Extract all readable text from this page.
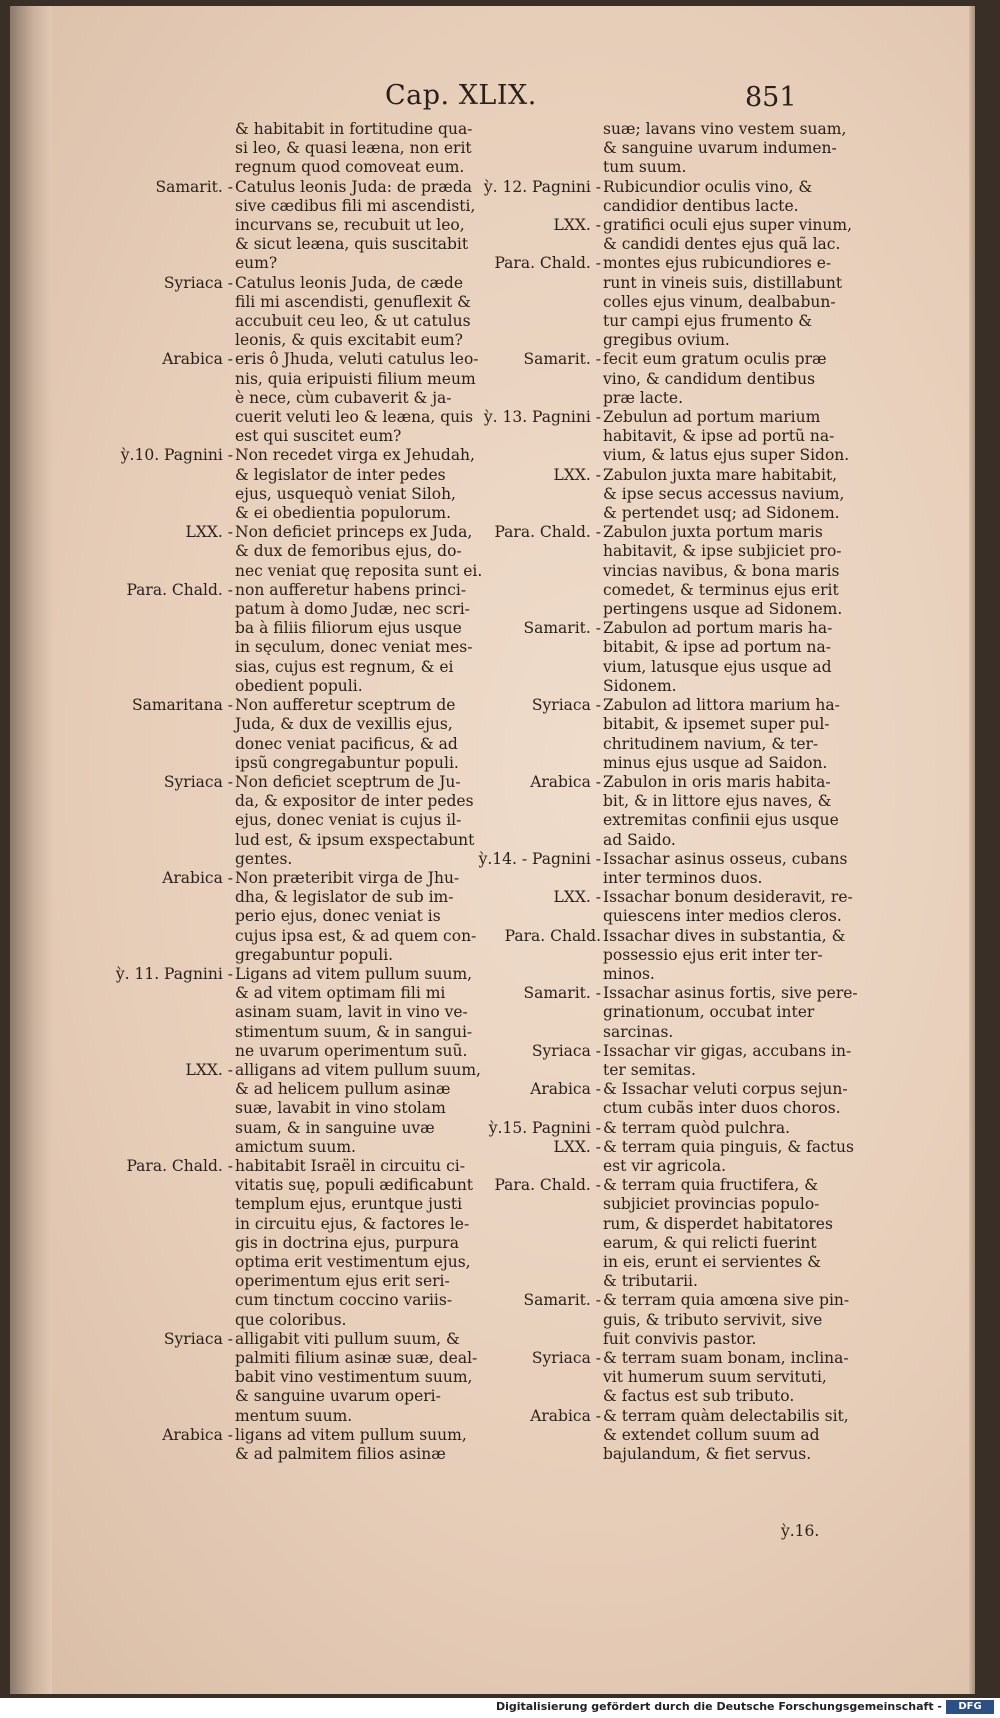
Cap. XLIX.	851
& habitabit in fortitudine qua-
si leo, & quasi leæna, non erit
regnum quod comoveat eum.
Samarit. - Catulus leonis Juda: de præda
sive cædibus fili mi ascendisti,
incurvans se, recubuit ut leo,
& sicut leæna, quis suscitabit
eum?
Syriaca - Catulus leonis Juda, de cæde
fili mi ascendisti, genuflexit &
accubuit ceu leo, & ut catulus
leonis, & quis excitabit eum?
Arabica - eris ô Jhuda, veluti catulus leo-
nis, quia eripuisti filium meum
è nece, cùm cubaverit & ja-
cuerit veluti leo & leæna, quis
est qui suscitet eum?
ỳ.10. Pagnini - Non recedet virga ex Jehudah,
& legislator de inter pedes
ejus, usquequò veniat Siloh,
& ei obedientia populorum.
LXX. - Non deficiet princeps ex Juda,
& dux de femoribus ejus, do-
nec veniat quę reposita sunt ei.
Para. Chald. - non aufferetur habens princi-
patum à domo Judæ, nec scri-
ba à filiis filiorum ejus usque
in sęculum, donec veniat mes-
sias, cujus est regnum, & ei
obedient populi.
Samaritana - Non aufferetur sceptrum de
Juda, & dux de vexillis ejus,
donec veniat pacificus, & ad
ipsũ congregabuntur populi.
Syriaca - Non deficiet sceptrum de Ju-
da, & expositor de inter pedes
ejus, donec veniat is cujus il-
lud est, & ipsum exspectabunt
gentes.
Arabica - Non præteribit virga de Jhu-
dha, & legislator de sub im-
perio ejus, donec veniat is
cujus ipsa est, & ad quem con-
gregabuntur populi.
ỳ. 11. Pagnini - Ligans ad vitem pullum suum,
& ad vitem optimam fili mi
asinam suam, lavit in vino ve-
stimentum suum, & in sangui-
ne uvarum operimentum suũ.
LXX. - alligans ad vitem pullum suum,
& ad helicem pullum asinæ
suæ, lavabit in vino stolam
suam, & in sanguine uvæ
amictum suum.
Para. Chald. - habitabit Israël in circuitu ci-
vitatis suę, populi ædificabunt
templum ejus, eruntque justi
in circuitu ejus, & factores le-
gis in doctrina ejus, purpura
optima erit vestimentum ejus,
operimentum ejus erit seri-
cum tinctum coccino variis-
que coloribus.
Syriaca - alligabit viti pullum suum, &
palmiti filium asinæ suæ, deal-
babit vino vestimentum suum,
& sanguine uvarum operi-
mentum suum.
Arabica - ligans ad vitem pullum suum,
& ad palmitem filios asinæ
suæ; lavans vino vestem suam,
& sanguine uvarum indumen-
tum suum.
ỳ. 12. Pagnini - Rubicundior oculis vino, &
candidior dentibus lacte.
LXX. - gratifici oculi ejus super vinum,
& candidi dentes ejus quã lac.
Para. Chald. - montes ejus rubicundiores e-
runt in vineis suis, distillabunt
colles ejus vinum, dealbabun-
tur campi ejus frumento &
gregibus ovium.
Samarit. - fecit eum gratum oculis præ
vino, & candidum dentibus
præ lacte.
ỳ. 13. Pagnini - Zebulun ad portum marium
habitavit, & ipse ad portũ na-
vium, & latus ejus super Sidon.
LXX. - Zabulon juxta mare habitabit,
& ipse secus accessus navium,
& pertendet usq; ad Sidonem.
Para. Chald. - Zabulon juxta portum maris
habitavit, & ipse subjiciet pro-
vincias navibus, & bona maris
comedet, & terminus ejus erit
pertingens usque ad Sidonem.
Samarit. - Zabulon ad portum maris ha-
bitabit, & ipse ad portum na-
vium, latusque ejus usque ad
Sidonem.
Syriaca - Zabulon ad littora marium ha-
bitabit, & ipsemet super pul-
chritudinem navium, & ter-
minus ejus usque ad Saidon.
Arabica - Zabulon in oris maris habita-
bit, & in littore ejus naves, &
extremitas confinii ejus usque
ad Saido.
ỳ.14. - Pagnini - Issachar asinus osseus, cubans
inter terminos duos.
LXX. - Issachar bonum desideravit, re-
quiescens inter medios cleros.
Para. Chald. Issachar dives in substantia, &
possessio ejus erit inter ter-
minos.
Samarit. - Issachar asinus fortis, sive pere-
grinationum, occubat inter
sarcinas.
Syriaca - Issachar vir gigas, accubans in-
ter semitas.
Arabica - & Issachar veluti corpus sejun-
ctum cubãs inter duos choros.
ỳ.15. Pagnini - & terram quòd pulchra.
LXX. - & terram quia pinguis, & factus
est vir agricola.
Para. Chald. - & terram quia fructifera, &
subjiciet provincias populo-
rum, & disperdet habitatores
earum, & qui relicti fuerint
in eis, erunt ei servientes &
& tributarii.
Samarit. - & terram quia amœna sive pin-
guis, & tributo servivit, sive
fuit convivis pastor.
Syriaca - & terram suam bonam, inclina-
vit humerum suum servituti,
& factus est sub tributo.
Arabica - & terram quàm delectabilis sit,
& extendet collum suum ad
bajulandum, & fiet servus.
ỳ.16.
Digitalisierung gefördert durch die Deutsche Forschungsgemeinschaft -	DFG
